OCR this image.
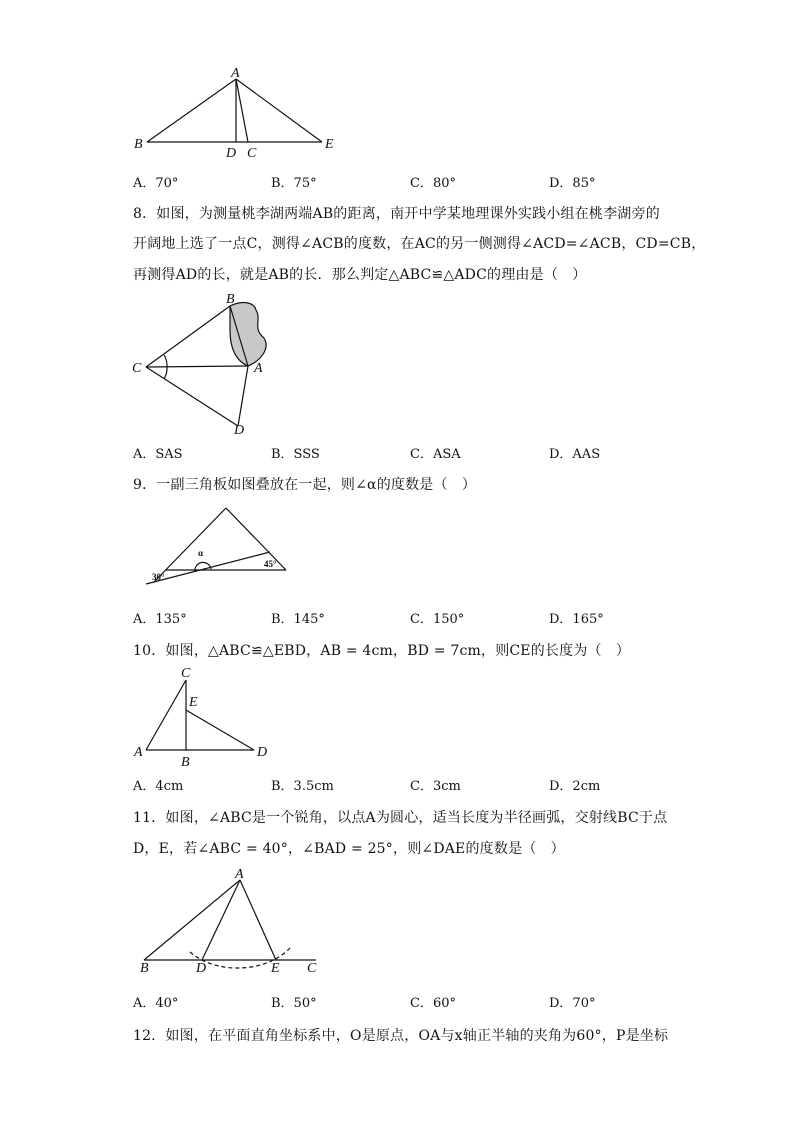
A
B
D C
E
A．70°	B．75°	C．80°	D．85°
8．如图，为测量桃李湖两端AB的距离，南开中学某地理课外实践小组在桃李湖旁的
开阔地上选了一点C，测得∠ACB的度数，在AC的另一侧测得∠ACD=∠ACB，CD=CB，
再测得AD的长，就是AB的长．那么判定△ABC≌△ADC的理由是（　）
B
C	A
D
A．SAS	B．SSS	C．ASA	D．AAS
9．一副三角板如图叠放在一起，则∠α的度数是（　）
α
30°
45°
A．135°	B．145°	C．150°	D．165°
10．如图，△ABC≌△EBD，AB = 4cm，BD = 7cm，则CE的长度为（　）
C
E
A
B
D
A．4cm	B．3.5cm	C．3cm	D．2cm
11．如图，∠ABC是一个锐角，以点A为圆心，适当长度为半径画弧，交射线BC于点
D，E，若∠ABC = 40°，∠BAD = 25°，则∠DAE的度数是（　）
A
B	D	E C
A．40°	B．50°	C．60°	D．70°
12．如图，在平面直角坐标系中，O是原点，OA与x轴正半轴的夹角为60°，P是坐标
